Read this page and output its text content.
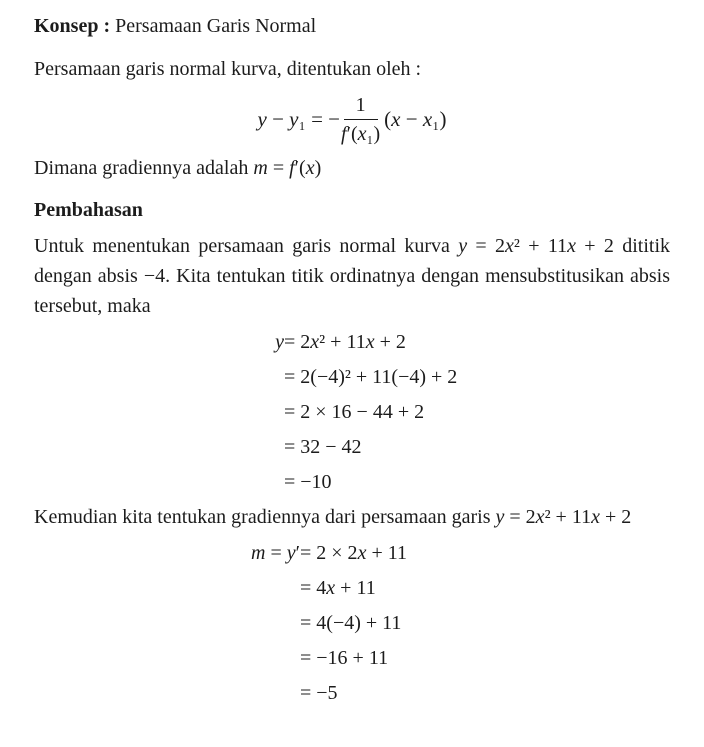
Konsep : Persamaan Garis Normal

Persamaan garis normal kurva, ditentukan oleh :

y − y₁ = − $\frac{1}{\text{f′(x₁)}} (x - x_1)$

Dimana gradiennya adalah m = f′(x)

Pembahasan

Untuk menentukan persamaan garis normal kurva y = 2x² + 11x + 2 dititik dengan absis −4. Kita tentukan titik ordinatnya dengan mensubstitusikan absis tersebut, maka

y = 2x² + 11x + 2
= 2(−4)² + 11(−4) + 2
= 2 × 16 − 44 + 2
= 32 − 42
= −10

Kemudian kita tentukan gradiennya dari persamaan garis y = 2x² + 11x + 2

m = y′ = 2 × 2x + 11
= 4x + 11
= 4(−4) + 11
= −16 + 11
= −5
